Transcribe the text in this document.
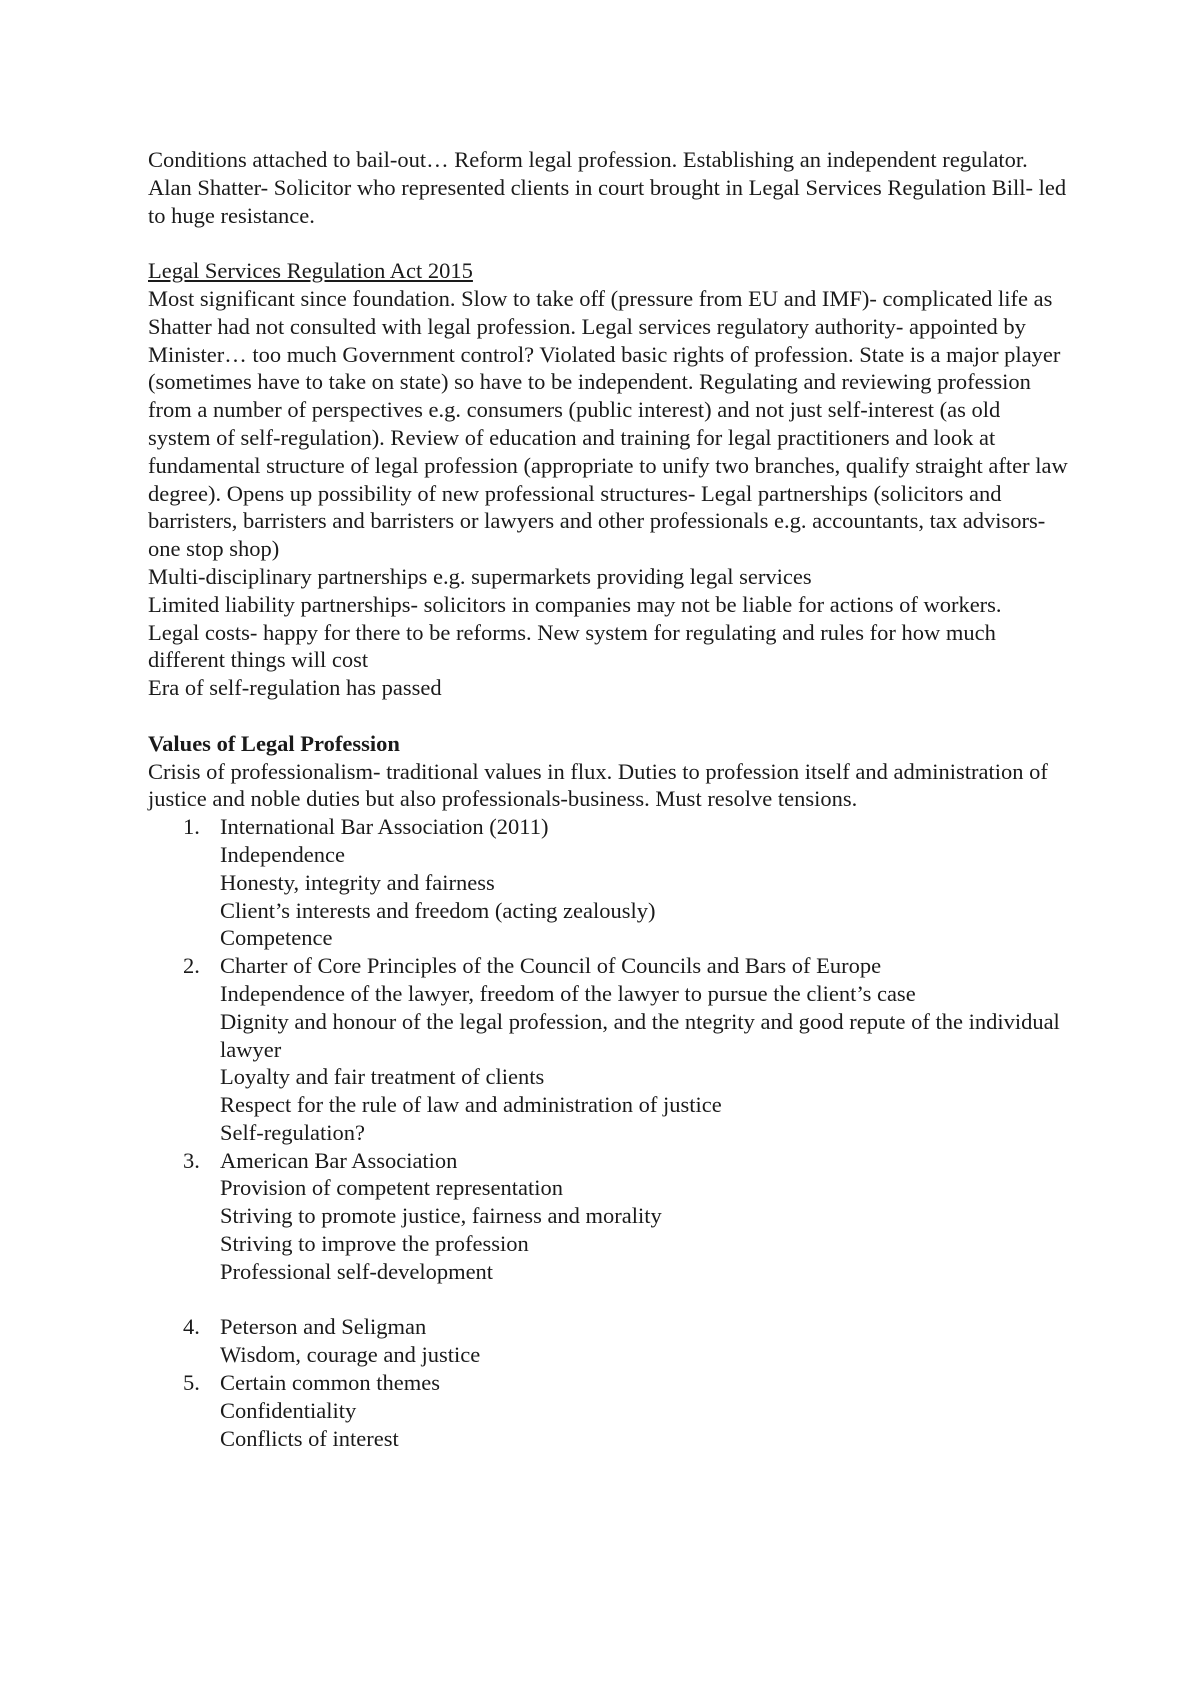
Conditions attached to bail-out… Reform legal profession. Establishing an independent regulator.

Alan Shatter- Solicitor who represented clients in court brought in Legal Services Regulation Bill- led to huge resistance.

Legal Services Regulation Act 2015

Most significant since foundation. Slow to take off (pressure from EU and IMF)- complicated life as Shatter had not consulted with legal profession. Legal services regulatory authority- appointed by Minister… too much Government control? Violated basic rights of profession. State is a major player (sometimes have to take on state) so have to be independent. Regulating and reviewing profession from a number of perspectives e.g. consumers (public interest) and not just self-interest (as old system of self-regulation). Review of education and training for legal practitioners and look at fundamental structure of legal profession (appropriate to unify two branches, qualify straight after law degree). Opens up possibility of new professional structures- Legal partnerships (solicitors and barristers, barristers and barristers or lawyers and other professionals e.g. accountants, tax advisors- one stop shop)

Multi-disciplinary partnerships e.g. supermarkets providing legal services

Limited liability partnerships- solicitors in companies may not be liable for actions of workers.

Legal costs- happy for there to be reforms. New system for regulating and rules for how much different things will cost

Era of self-regulation has passed

Values of Legal Profession

Crisis of professionalism- traditional values in flux. Duties to profession itself and administration of justice and noble duties but also professionals-business. Must resolve tensions.

1. International Bar Association (2011)
Independence
Honesty, integrity and fairness
Client’s interests and freedom (acting zealously)
Competence
2. Charter of Core Principles of the Council of Councils and Bars of Europe
Independence of the lawyer, freedom of the lawyer to pursue the client’s case
Dignity and honour of the legal profession, and the ntegrity and good repute of the individual lawyer
Loyalty and fair treatment of clients
Respect for the rule of law and administration of justice
Self-regulation?
3. American Bar Association
Provision of competent representation
Striving to promote justice, fairness and morality
Striving to improve the profession
Professional self-development
4. Peterson and Seligman
Wisdom, courage and justice
5. Certain common themes
Confidentiality
Conflicts of interest
